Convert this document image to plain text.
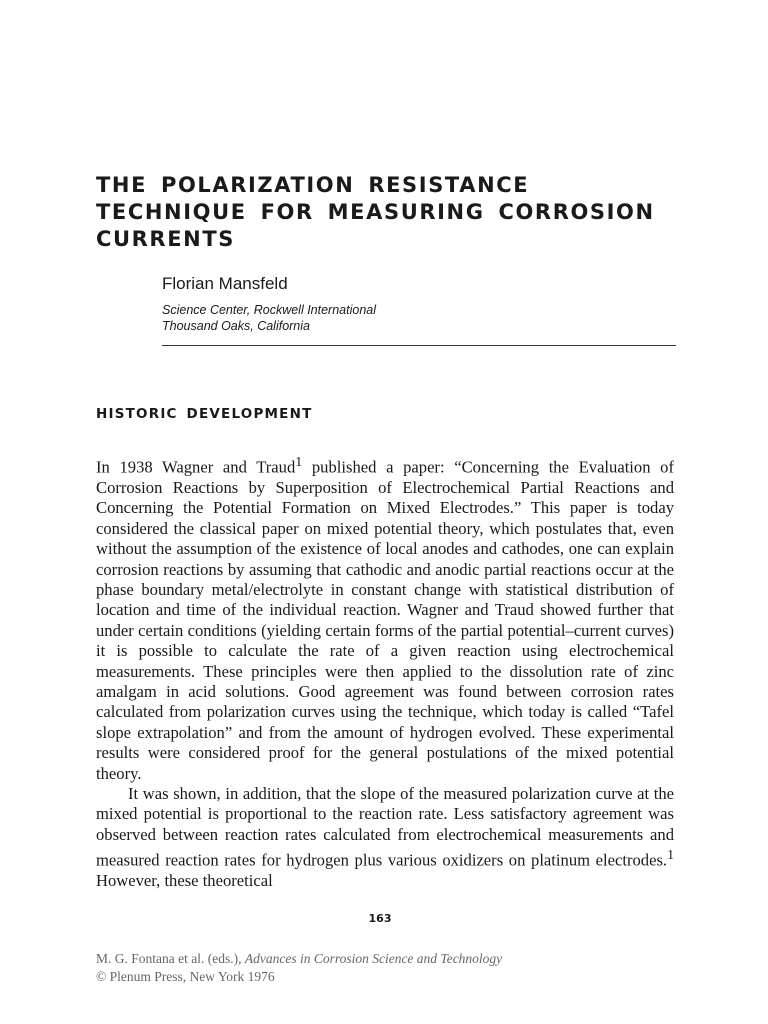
THE POLARIZATION RESISTANCE TECHNIQUE FOR MEASURING CORROSION CURRENTS

Florian Mansfeld

Science Center, Rockwell International
Thousand Oaks, California
HISTORIC DEVELOPMENT

In 1938 Wagner and Traud$^1$ published a paper: “Concerning the Evaluation of Corrosion Reactions by Superposition of Electrochemical Partial Reactions and Concerning the Potential Formation on Mixed Electrodes.” This paper is today considered the classical paper on mixed potential theory, which postulates that, even without the assumption of the existence of local anodes and cathodes, one can explain corrosion reactions by assuming that cathodic and anodic partial reactions occur at the phase boundary metal/electrolyte in constant change with statistical distribution of location and time of the individual reaction. Wagner and Traud showed further that under certain conditions (yielding certain forms of the partial potential–current curves) it is possible to calculate the rate of a given reaction using electrochemical measurements. These principles were then applied to the dissolution rate of zinc amalgam in acid solutions. Good agreement was found between corrosion rates calculated from polarization curves using the technique, which today is called “Tafel slope extrapolation” and from the amount of hydrogen evolved. These experimental results were considered proof for the general postulations of the mixed potential theory.

It was shown, in addition, that the slope of the measured polarization curve at the mixed potential is proportional to the reaction rate. Less satisfactory agreement was observed between reaction rates calculated from electrochemical measurements and measured reaction rates for hydrogen plus various oxidizers on platinum electrodes.$^1$ However, these theoretical

163
M. G. Fontana et al. (eds.), Advances in Corrosion Science and Technology
© Plenum Press, New York 1976
